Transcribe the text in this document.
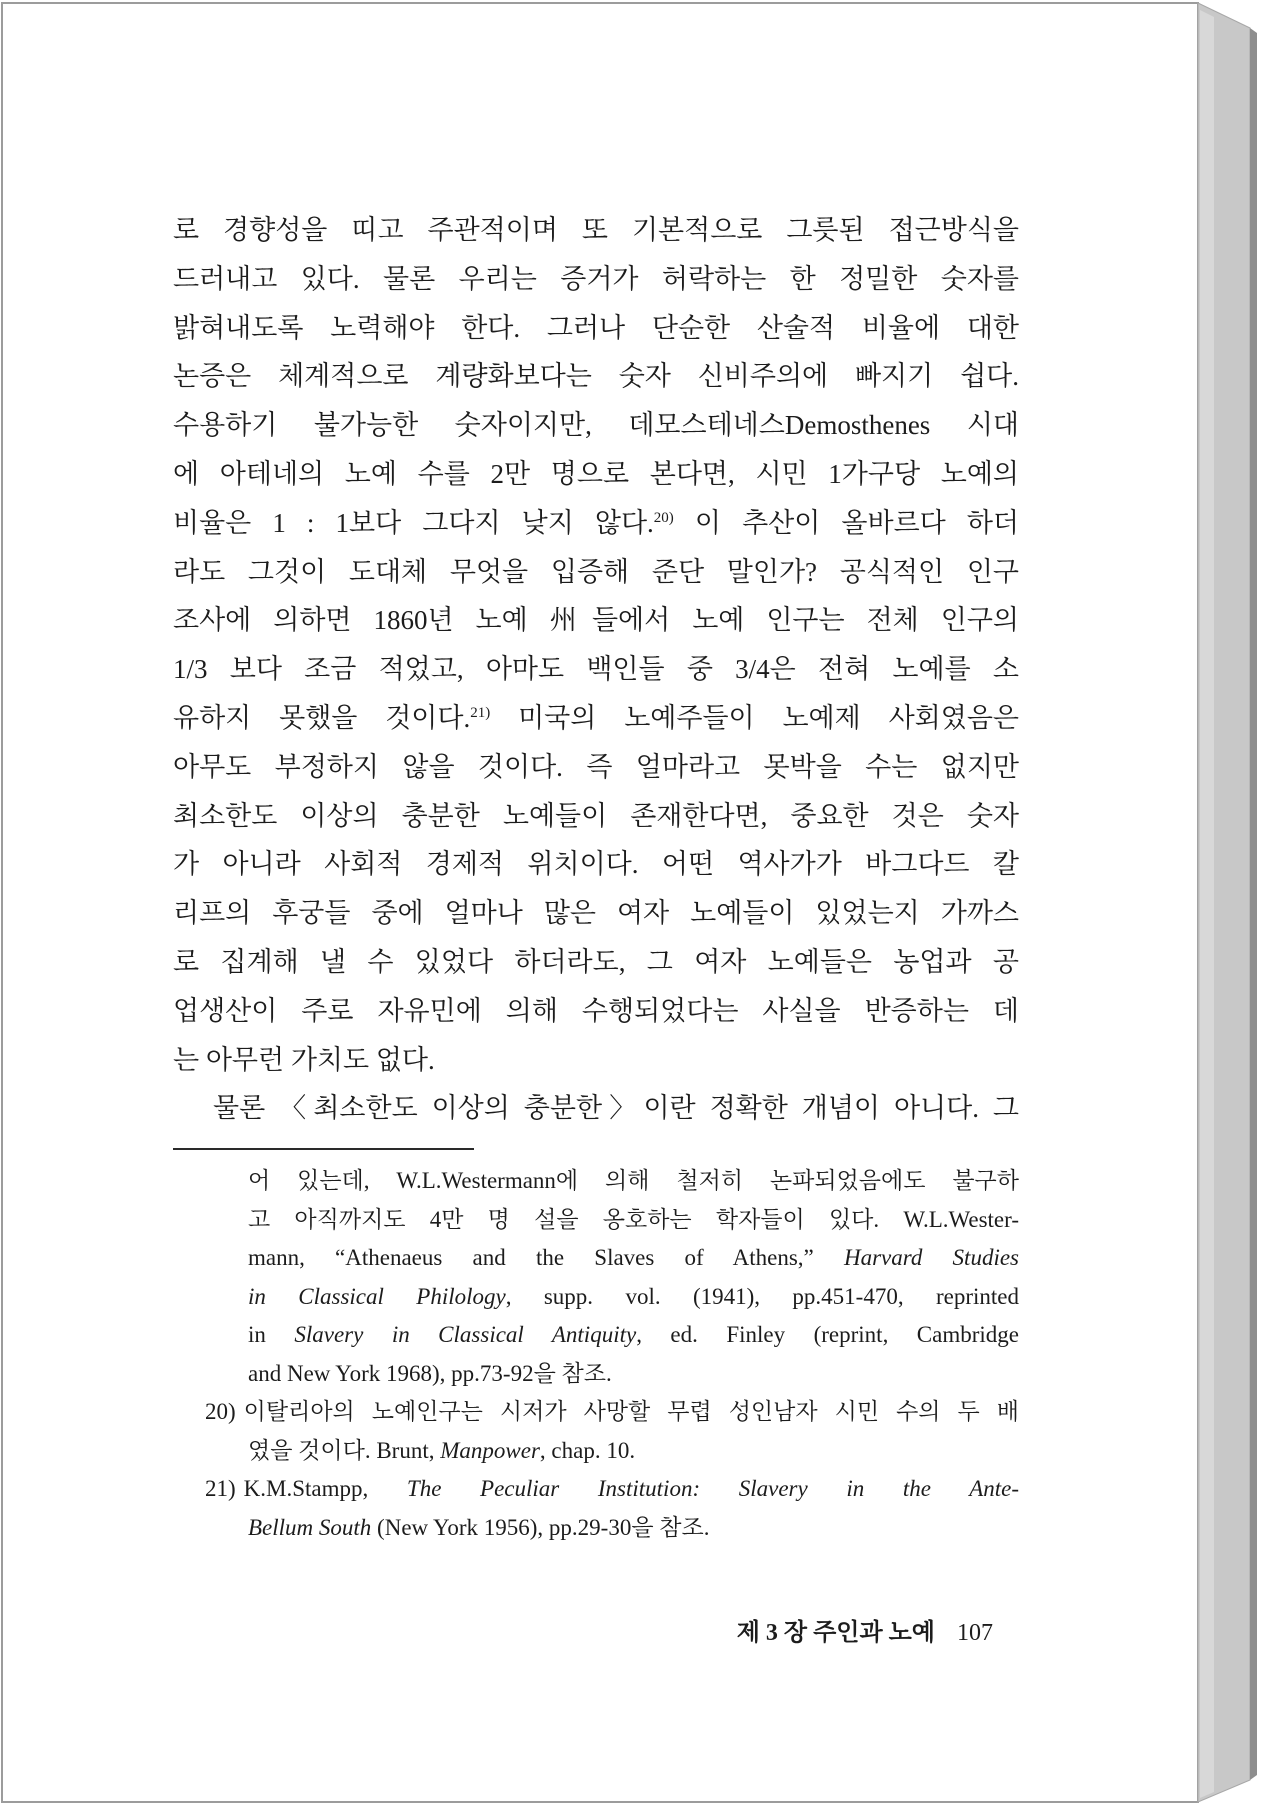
로 경향성을 띠고 주관적이며 또 기본적으로 그릇된 접근방식을
드러내고 있다. 물론 우리는 증거가 허락하는 한 정밀한 숫자를
밝혀내도록 노력해야 한다. 그러나 단순한 산술적 비율에 대한
논증은 체계적으로 계량화보다는 숫자 신비주의에 빠지기 쉽다.
수용하기 불가능한 숫자이지만, 데모스테네스Demosthenes 시대
에 아테네의 노예 수를 2만 명으로 본다면, 시민 1가구당 노예의
비율은 1 : 1보다 그다지 낮지 않다.$^{20)}$ 이 추산이 올바르다 하더
라도 그것이 도대체 무엇을 입증해 준단 말인가? 공식적인 인구
조사에 의하면 1860년 노예 州들에서 노예 인구는 전체 인구의
1/3 보다 조금 적었고, 아마도 백인들 중 3/4은 전혀 노예를 소
유하지 못했을 것이다.$^{21)}$ 미국의 노예주들이 노예제 사회였음은
아무도 부정하지 않을 것이다. 즉 얼마라고 못박을 수는 없지만
최소한도 이상의 충분한 노예들이 존재한다면, 중요한 것은 숫자
가 아니라 사회적 경제적 위치이다. 어떤 역사가가 바그다드 칼
리프의 후궁들 중에 얼마나 많은 여자 노예들이 있었는지 가까스
로 집계해 낼 수 있었다 하더라도, 그 여자 노예들은 농업과 공
업생산이 주로 자유민에 의해 수행되었다는 사실을 반증하는 데
는 아무런 가치도 없다.
물론 〈최소한도 이상의 충분한〉이란 정확한 개념이 아니다. 그
어 있는데, W.L.Westermann에 의해 철저히 논파되었음에도 불구하
고 아직까지도 4만 명 설을 옹호하는 학자들이 있다. W.L.Wester-
mann, “Athenaeus and the Slaves of Athens,” Harvard Studies
in Classical Philology, supp. vol. (1941), pp.451-470, reprinted
in Slavery in Classical Antiquity, ed. Finley (reprint, Cambridge
and New York 1968), pp.73-92을 참조.
20) 이탈리아의 노예인구는 시저가 사망할 무렵 성인남자 시민 수의 두 배
였을 것이다. Brunt, Manpower, chap. 10.
21) K.M.Stampp, The Peculiar Institution: Slavery in the Ante-
Bellum South (New York 1956), pp.29-30을 참조.
제 3 장 주인과 노예 107
